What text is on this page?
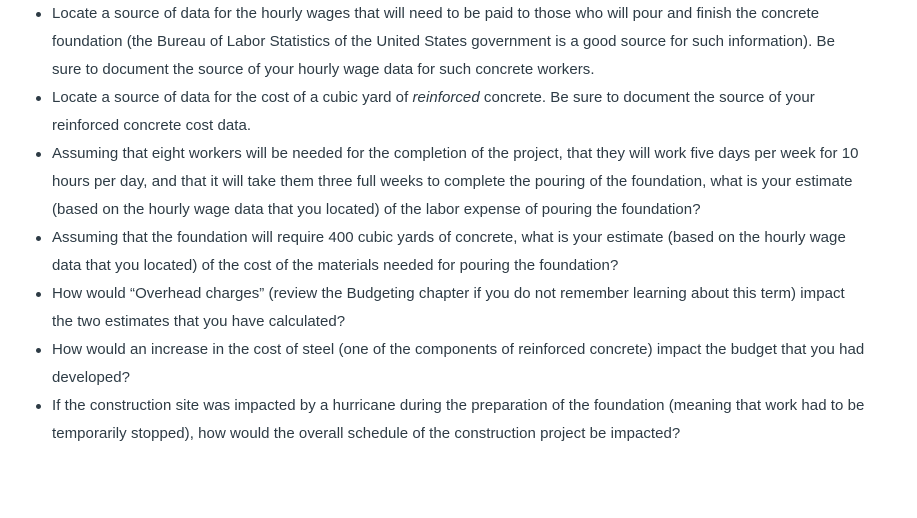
Locate a source of data for the hourly wages that will need to be paid to those who will pour and finish the concrete foundation (the Bureau of Labor Statistics of the United States government is a good source for such information). Be sure to document the source of your hourly wage data for such concrete workers.
Locate a source of data for the cost of a cubic yard of reinforced concrete. Be sure to document the source of your reinforced concrete cost data.
Assuming that eight workers will be needed for the completion of the project, that they will work five days per week for 10 hours per day, and that it will take them three full weeks to complete the pouring of the foundation, what is your estimate (based on the hourly wage data that you located) of the labor expense of pouring the foundation?
Assuming that the foundation will require 400 cubic yards of concrete, what is your estimate (based on the hourly wage data that you located) of the cost of the materials needed for pouring the foundation?
How would “Overhead charges” (review the Budgeting chapter if you do not remember learning about this term) impact the two estimates that you have calculated?
How would an increase in the cost of steel (one of the components of reinforced concrete) impact the budget that you had developed?
If the construction site was impacted by a hurricane during the preparation of the foundation (meaning that work had to be temporarily stopped), how would the overall schedule of the construction project be impacted?
